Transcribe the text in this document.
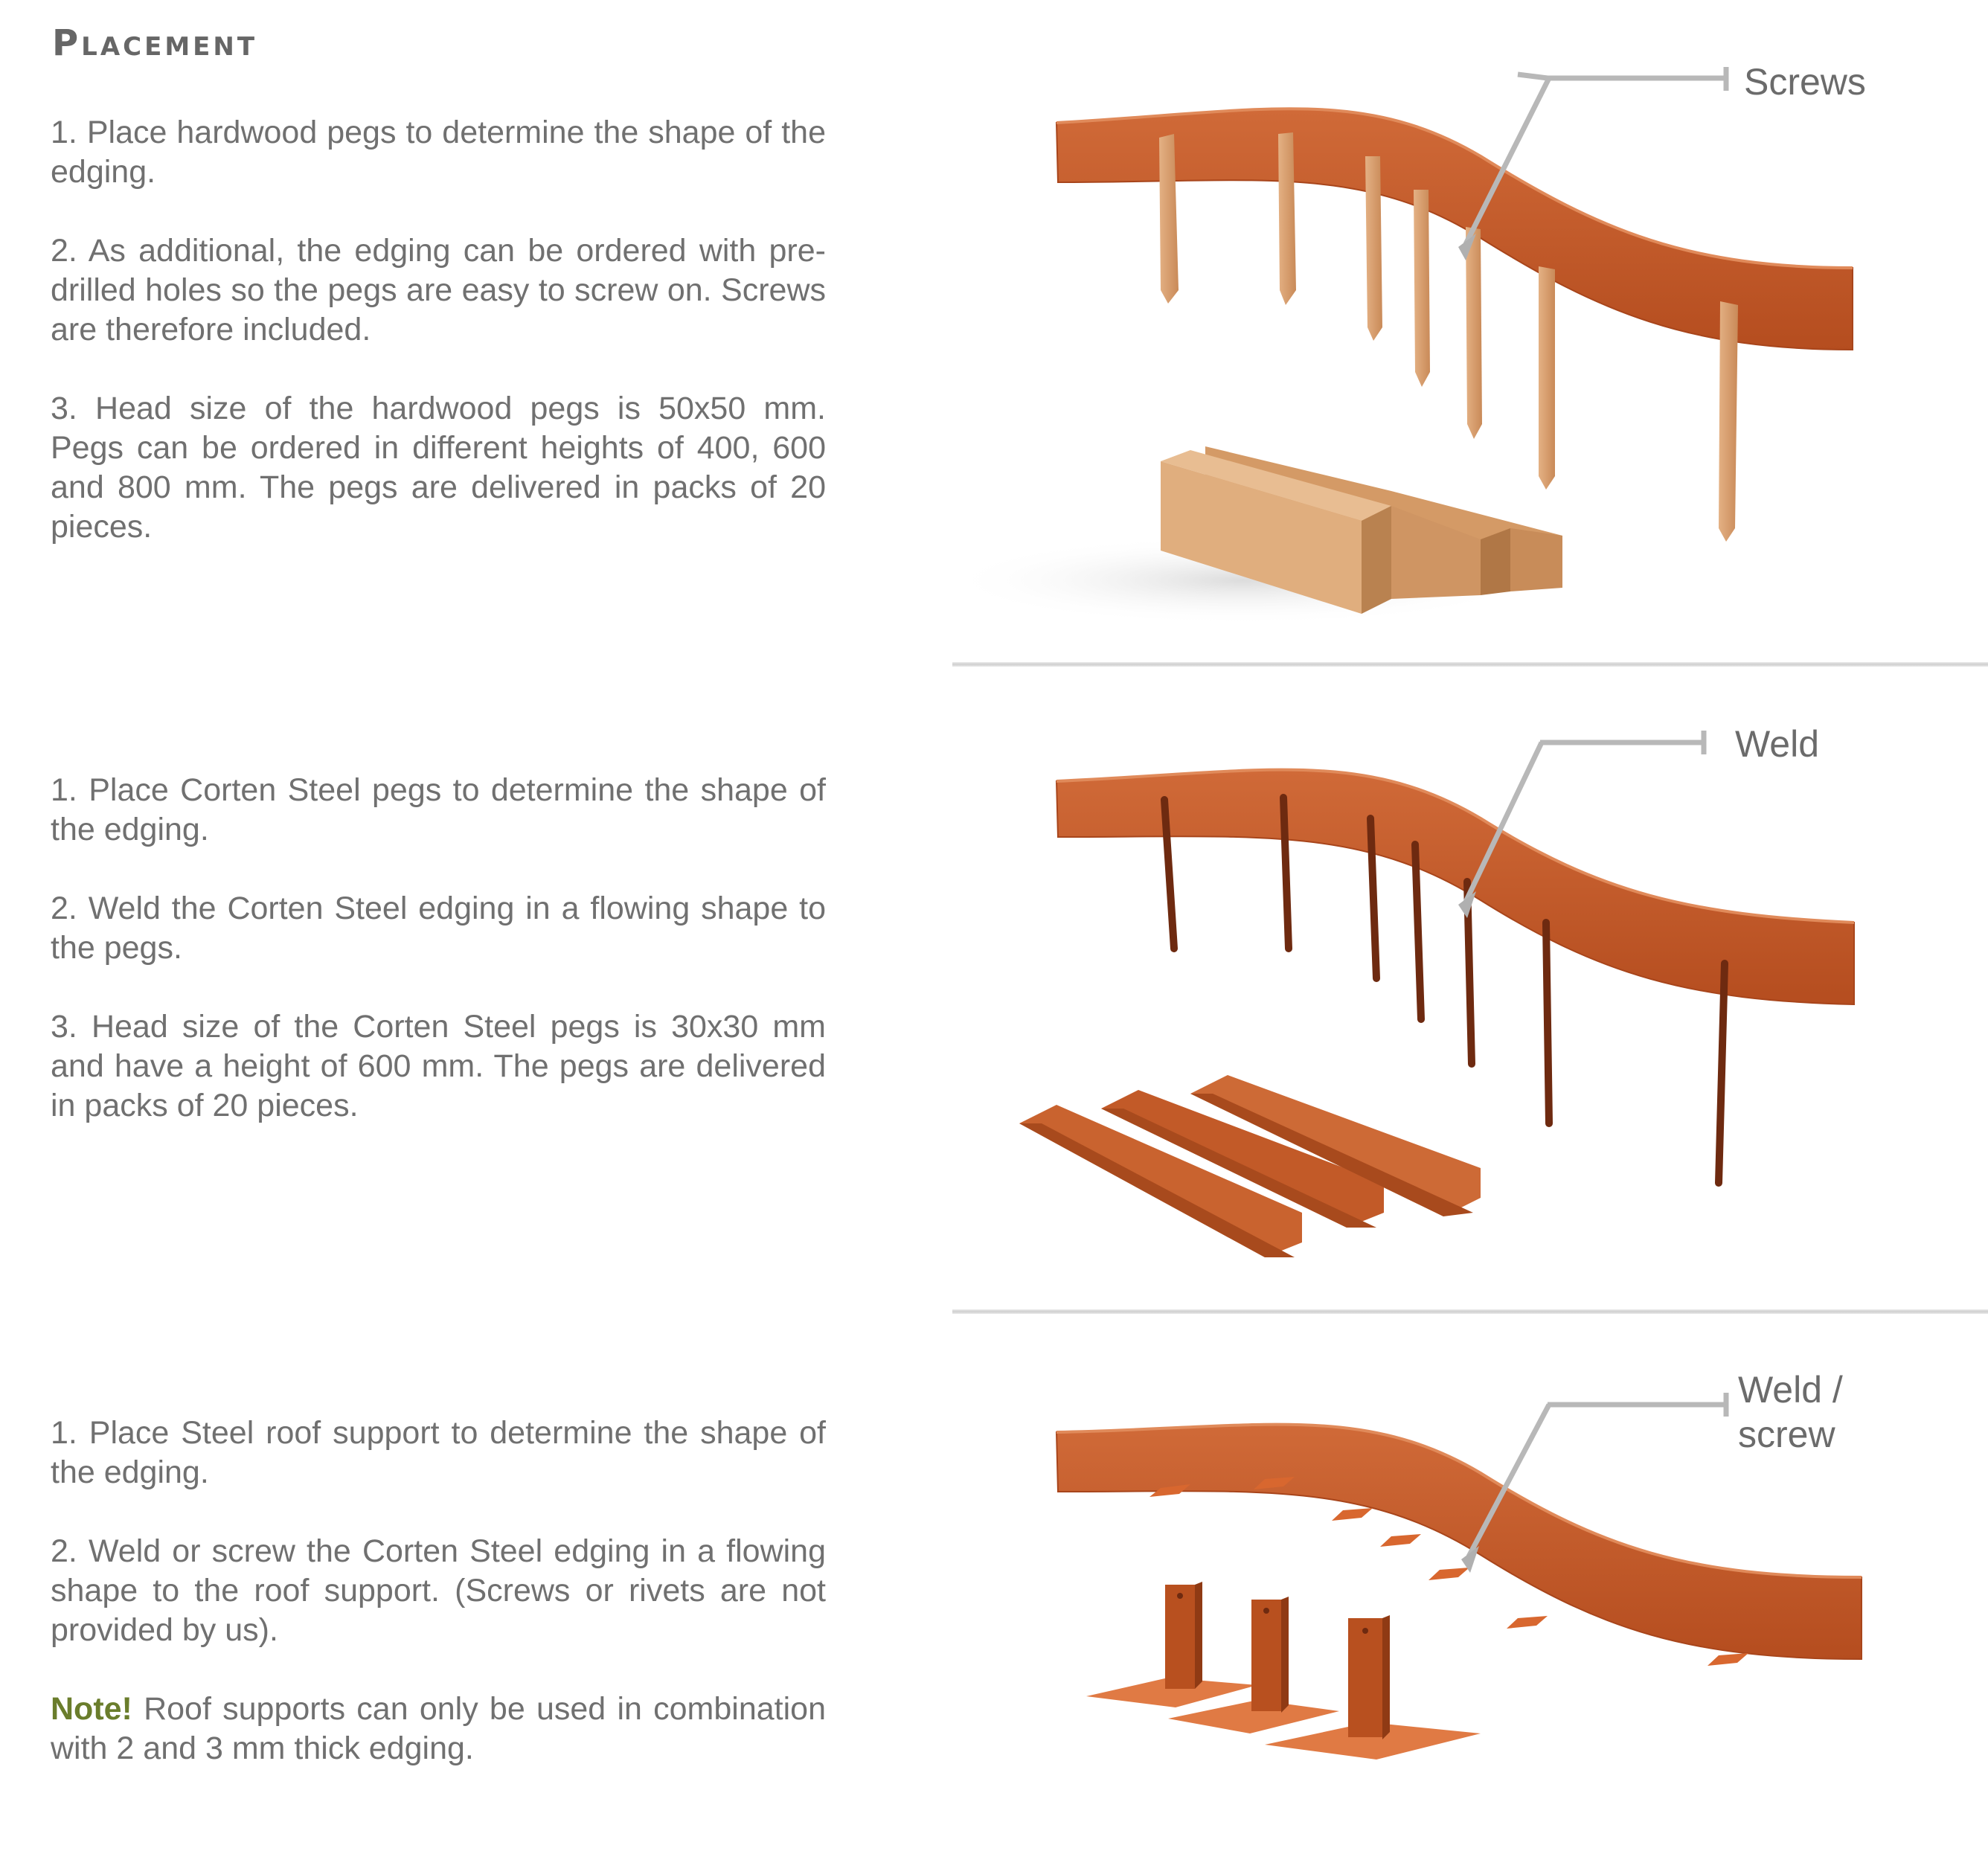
Placement

1. Place hardwood pegs to determine the shape of the edging.

2. As additional, the edging can be ordered with pre-drilled holes so the pegs are easy to screw on. Screws are therefore included.

3. Head size of the hardwood pegs is 50x50 mm. Pegs can be ordered in different heights of 400, 600 and 800 mm. The pegs are delivered in packs of 20 pieces.

1. Place Corten Steel pegs to determine the shape of the edging.

2. Weld the Corten Steel edging in a flowing shape to the pegs.

3. Head size of the Corten Steel pegs is 30x30 mm and have a height of 600 mm. The pegs are delivered in packs of 20 pieces.

1. Place Steel roof support to determine the shape of the edging.

2. Weld or screw the Corten Steel edging in a flowing shape to the roof support. (Screws or rivets are not provided by us).

Note! Roof supports can only be used in combination with 2 and 3 mm thick edging.

Screws
Weld
Weld /
screw
